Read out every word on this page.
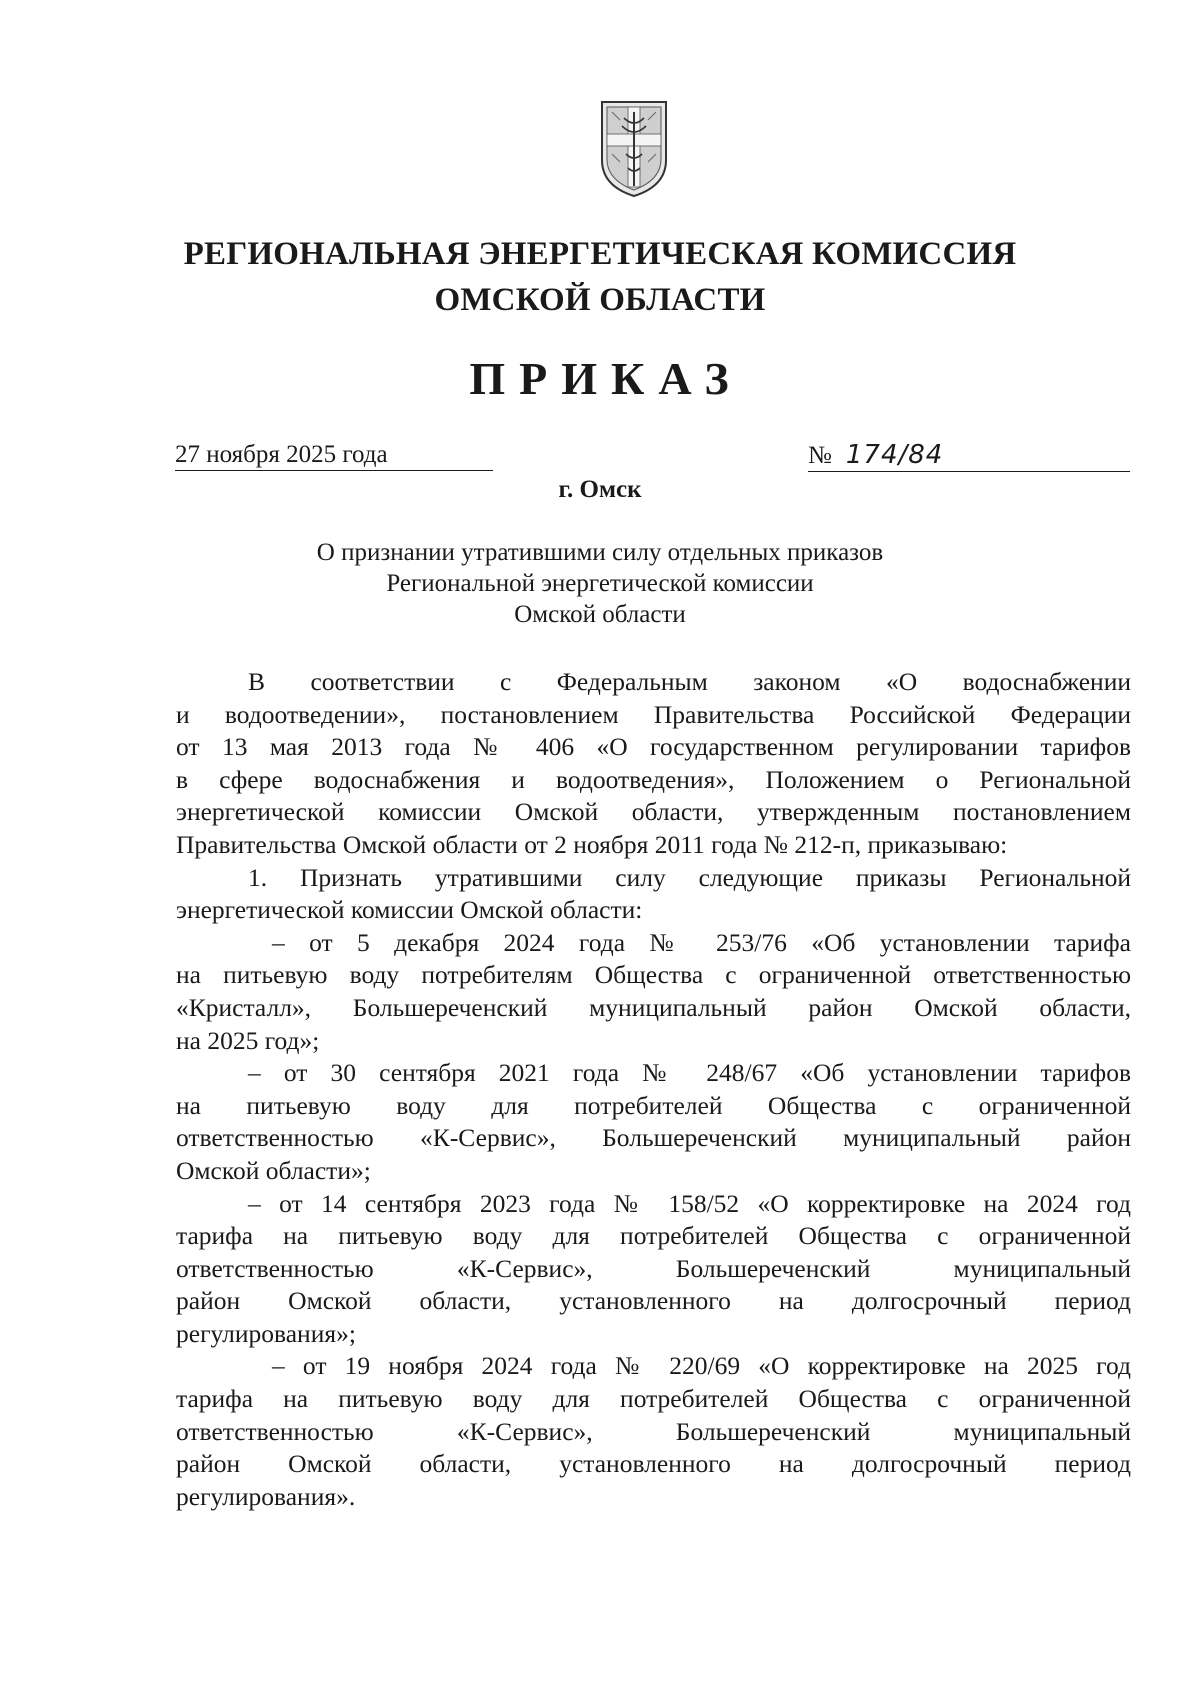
РЕГИОНАЛЬНАЯ ЭНЕРГЕТИЧЕСКАЯ КОМИССИЯ
ОМСКОЙ ОБЛАСТИ
ПРИКАЗ
27 ноября 2025 года	№ 174/84
г. Омск
О признании утратившими силу отдельных приказов
Региональной энергетической комиссии
Омской области
В соответствии с Федеральным законом «О водоснабжении
и водоотведении», постановлением Правительства Российской Федерации
от 13 мая 2013 года № 406 «О государственном регулировании тарифов
в сфере водоснабжения и водоотведения», Положением о Региональной
энергетической комиссии Омской области, утвержденным постановлением
Правительства Омской области от 2 ноября 2011 года № 212-п, приказываю:
1. Признать утратившими силу следующие приказы Региональной
энергетической комиссии Омской области:
– от 5 декабря 2024 года № 253/76 «Об установлении тарифа
на питьевую воду потребителям Общества с ограниченной ответственностью
«Кристалл», Большереченский муниципальный район Омской области,
на 2025 год»;
– от 30 сентября 2021 года № 248/67 «Об установлении тарифов
на питьевую воду для потребителей Общества с ограниченной
ответственностью «К-Сервис», Большереченский муниципальный район
Омской области»;
– от 14 сентября 2023 года № 158/52 «О корректировке на 2024 год
тарифа на питьевую воду для потребителей Общества с ограниченной
ответственностью «К-Сервис», Большереченский муниципальный
район Омской области, установленного на долгосрочный период
регулирования»;
– от 19 ноября 2024 года № 220/69 «О корректировке на 2025 год
тарифа на питьевую воду для потребителей Общества с ограниченной
ответственностью «К-Сервис», Большереченский муниципальный
район Омской области, установленного на долгосрочный период
регулирования».
